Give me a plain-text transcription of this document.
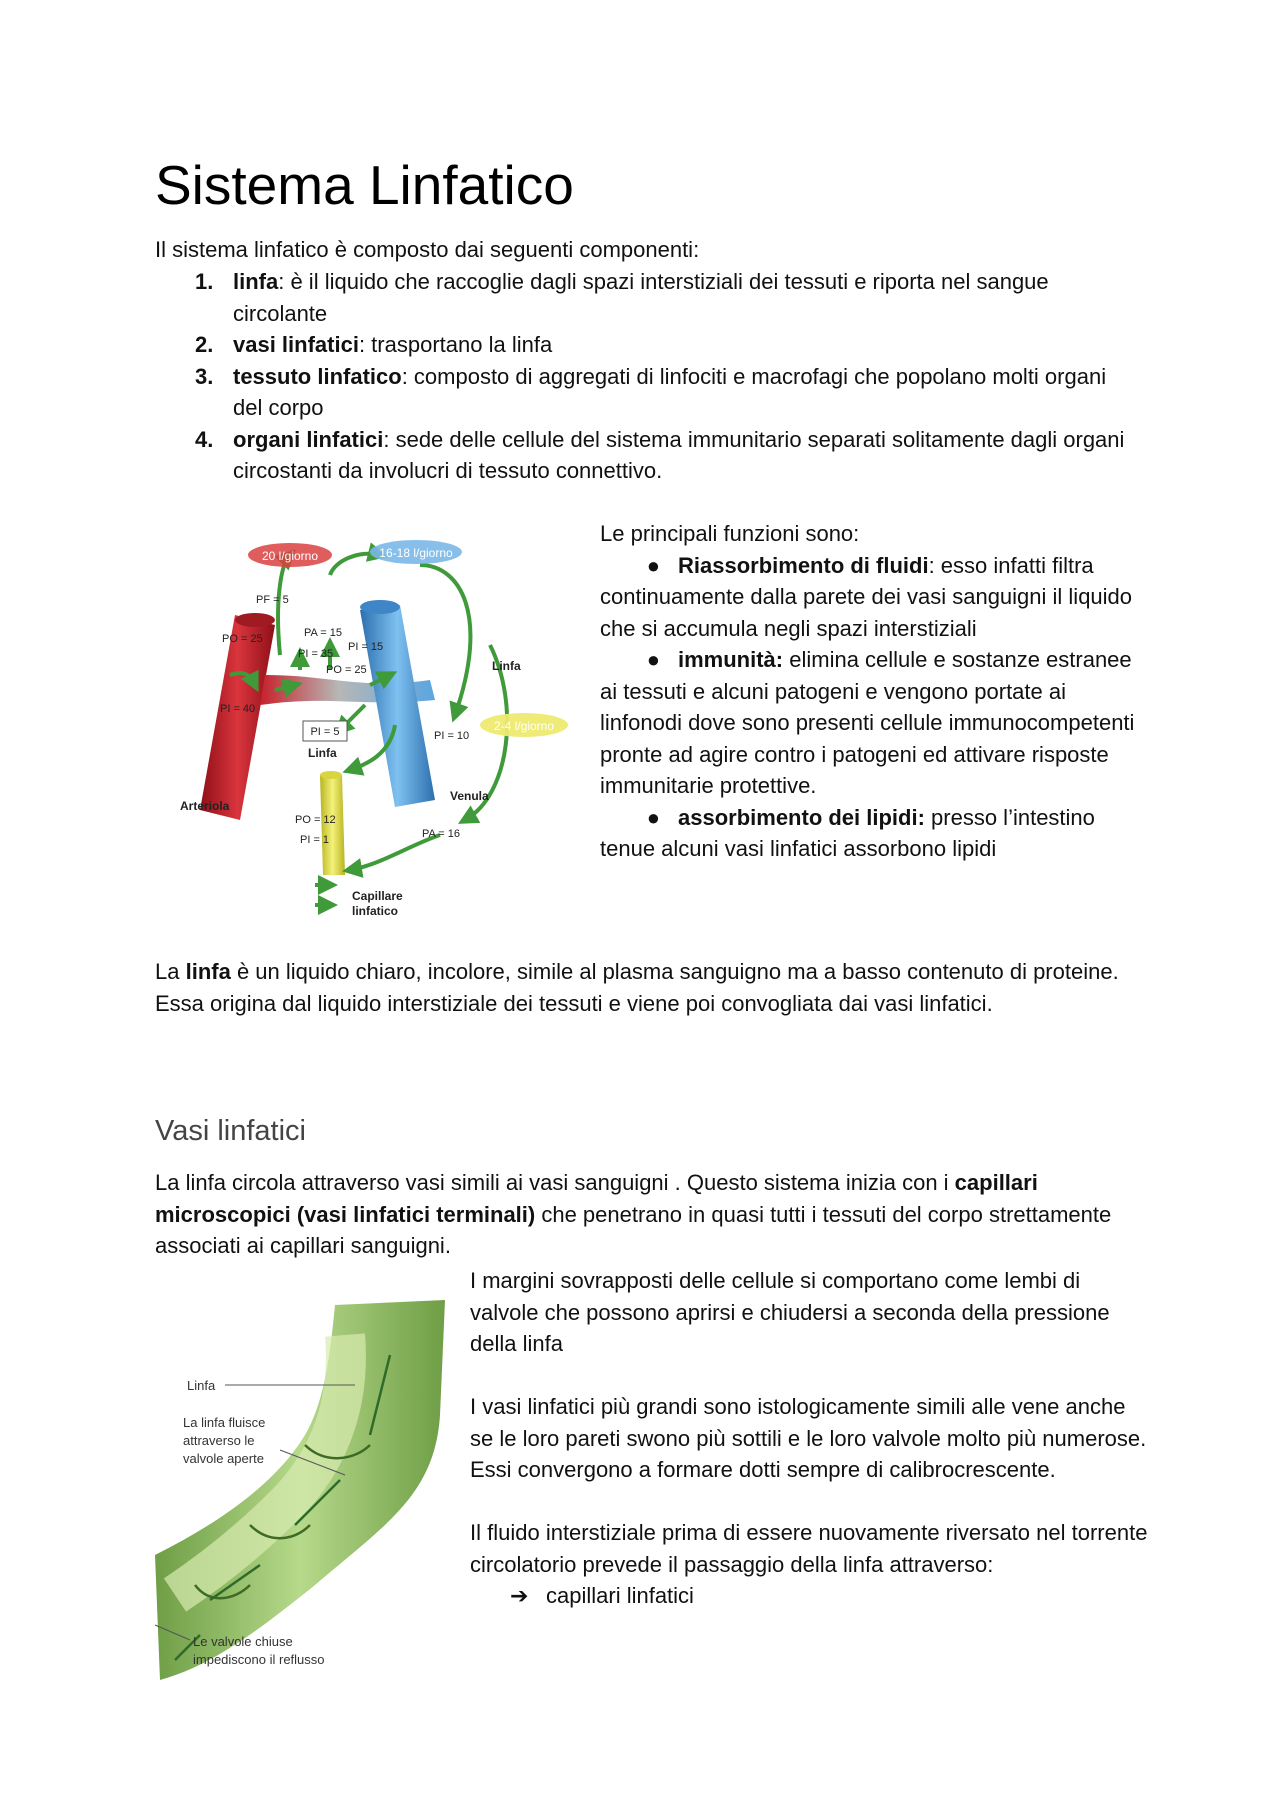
Sistema Linfatico

Il sistema linfatico è composto dai seguenti componenti:

1. linfa: è il liquido che raccoglie dagli spazi interstiziali dei tessuti e riporta nel sangue circolante
2. vasi linfatici: trasportano la linfa
3. tessuto linfatico: composto di aggregati di linfociti e macrofagi che popolano molti organi del corpo
4. organi linfatici: sede delle cellule del sistema immunitario separati solitamente dagli organi circostanti da involucri di tessuto connettivo.
20 l/giorno	16-18 l/giorno
2-4 l/giorno
PF = 5
PO = 25
PI = 35
PA = 15
PI = 15
PO = 25
PI = 40
PI = 10
PO = 12
PI = 1	PA = 16
PI = 5
Linfa
Linfa
Arteriola
Venula
Capillare
linfatico
Le principali funzioni sono:
● Riassorbimento di fluidi: esso infatti filtra continuamente dalla parete dei vasi sanguigni il liquido che si accumula negli spazi interstiziali
● immunità: elimina cellule e sostanze estranee ai tessuti e alcuni patogeni e vengono portate ai linfonodi dove sono presenti cellule immunocompetenti pronte ad agire contro i patogeni ed attivare risposte immunitarie protettive.
● assorbimento dei lipidi: presso l’intestino tenue alcuni vasi linfatici assorbono lipidi

La linfa è un liquido chiaro, incolore, simile al plasma sanguigno ma a basso contenuto di proteine. Essa origina dal liquido interstiziale dei tessuti e viene poi convogliata dai vasi linfatici.

Vasi linfatici

La linfa circola attraverso vasi simili ai vasi sanguigni . Questo sistema inizia con i capillari microscopici (vasi linfatici terminali) che penetrano in quasi tutti i tessuti del corpo strettamente associati ai capillari sanguigni.

Linfa
La linfa fluisce
attraverso le
valvole aperte
Le valvole chiuse
impediscono il reflusso

I margini sovrapposti delle cellule si comportano come lembi di valvole che possono aprirsi e chiudersi a seconda della pressione della linfa

I vasi linfatici più grandi sono istologicamente simili alle vene anche se le loro pareti swono più sottili e le loro valvole molto più numerose. Essi convergono a formare dotti sempre di calibrocrescente.

Il fluido interstiziale prima di essere nuovamente riversato nel torrente circolatorio prevede il passaggio della linfa attraverso:

➔ capillari linfatici
